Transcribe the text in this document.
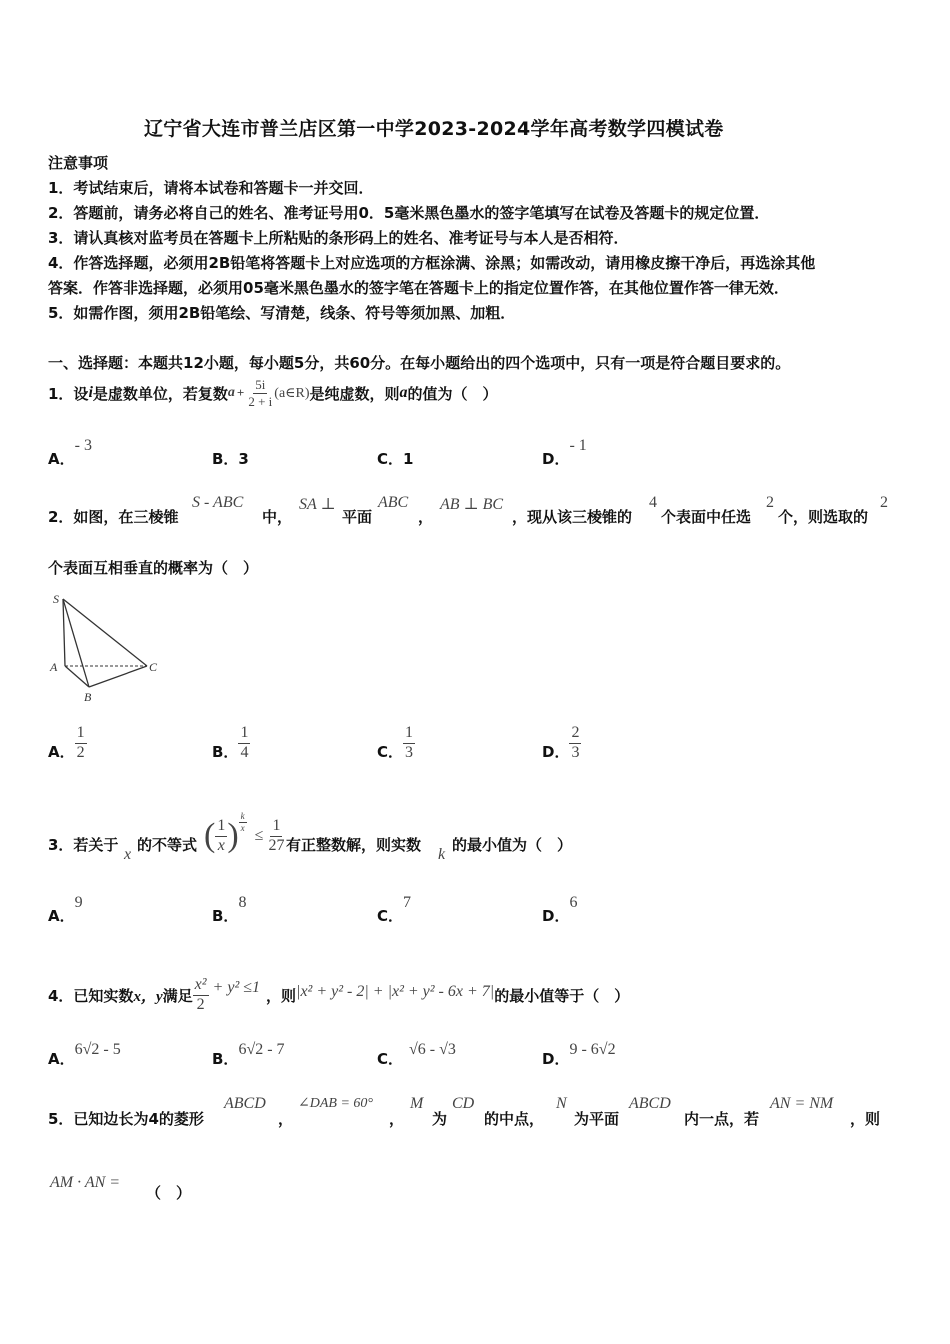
辽宁省大连市普兰店区第一中学2023-2024学年高考数学四模试卷
注意事项
1．考试结束后，请将本试卷和答题卡一并交回．
2．答题前，请务必将自己的姓名、准考证号用0．5毫米黑色墨水的签字笔填写在试卷及答题卡的规定位置．
3．请认真核对监考员在答题卡上所粘贴的条形码上的姓名、准考证号与本人是否相符．
4．作答选择题，必须用2B铅笔将答题卡上对应选项的方框涂满、涂黑；如需改动，请用橡皮擦干净后，再选涂其他
答案．作答非选择题，必须用05毫米黑色墨水的签字笔在答题卡上的指定位置作答，在其他位置作答一律无效．
5．如需作图，须用2B铅笔绘、写清楚，线条、符号等须加黑、加粗．
一、选择题：本题共12小题，每小题5分，共60分。在每小题给出的四个选项中，只有一项是符合题目要求的。
1．设 i 是虚数单位，若复数 $a + \frac{5i}{2 + i}$ (a∈R) 是纯虚数，则 a 的值为（　）
A．- 3
B．3	C．1	D．- 1
2．如图，在三棱锥
S - ABC
中，
SA ⊥
平面
ABC
，
AB ⊥ BC
，现从该三棱锥的
4
个表面中任选
2
个，则选取的
2
个表面互相垂直的概率为（　）
S
A
B
C
A． $\frac{1}{2}$	B． $\frac{1}{4}$	C． $\frac{1}{3}$	D． $\frac{2}{3}$
3．若关于
x
的不等式 ( $\frac{1}{x}$ ) $\frac{k}{x}$
≤ $\frac{1}{27}$ 有正整数解，则实数
k
的最小值为（　）
A．9
B．8
C．7
D．6
4．已知实数 x，y 满足 $\frac{\text{x²}}{2} + y^2 \le 1$ ，则 |x² + y² - 2| + |x² + y² - 6x + 7| 的最小值等于（　）
A．6√2 - 5
B．6√2 - 7
C．√6 - √3
D．9 - 6√2
5．已知边长为4的菱形
ABCD
，
∠DAB = 60°
，
M
为
CD
的中点，
N
为平面
ABCD
内一点，若
AN = NM
，则
AM · AN =
（　）
